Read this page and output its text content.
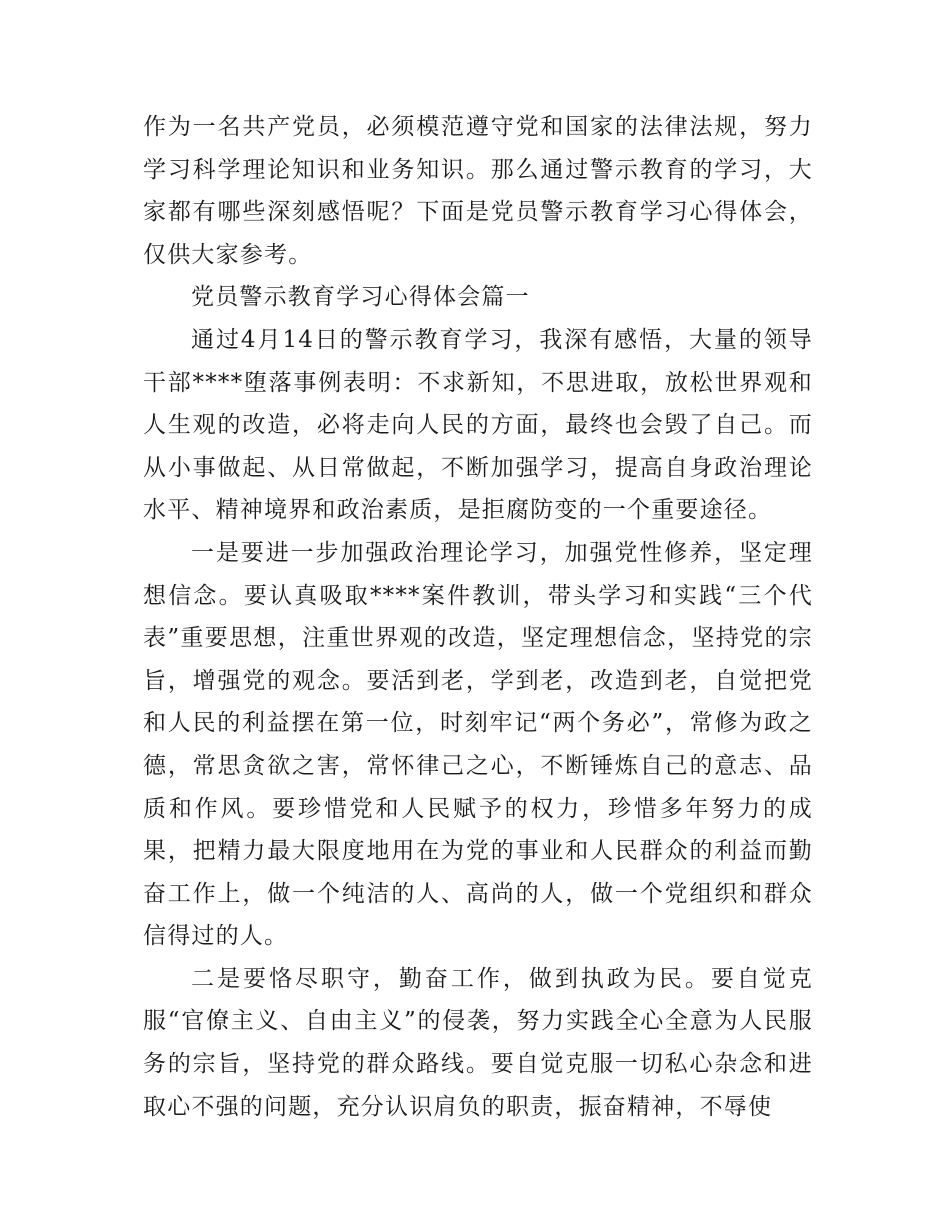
作为一名共产党员，必须模范遵守党和国家的法律法规，努力学习科学理论知识和业务知识。那么通过警示教育的学习，大家都有哪些深刻感悟呢？下面是党员警示教育学习心得体会，仅供大家参考。

党员警示教育学习心得体会篇一

通过4月14日的警示教育学习，我深有感悟，大量的领导干部****堕落事例表明：不求新知，不思进取，放松世界观和人生观的改造，必将走向人民的方面，最终也会毁了自己。而从小事做起、从日常做起，不断加强学习，提高自身政治理论水平、精神境界和政治素质，是拒腐防变的一个重要途径。

一是要进一步加强政治理论学习，加强党性修养，坚定理想信念。要认真吸取****案件教训，带头学习和实践“三个代表”重要思想，注重世界观的改造，坚定理想信念，坚持党的宗旨，增强党的观念。要活到老，学到老，改造到老，自觉把党和人民的利益摆在第一位，时刻牢记“两个务必”，常修为政之德，常思贪欲之害，常怀律己之心，不断锤炼自己的意志、品质和作风。要珍惜党和人民赋予的权力，珍惜多年努力的成果，把精力最大限度地用在为党的事业和人民群众的利益而勤奋工作上，做一个纯洁的人、高尚的人，做一个党组织和群众信得过的人。

二是要恪尽职守，勤奋工作，做到执政为民。要自觉克服“官僚主义、自由主义”的侵袭，努力实践全心全意为人民服务的宗旨，坚持党的群众路线。要自觉克服一切私心杂念和进取心不强的问题，充分认识肩负的职责，振奋精神，不辱使
